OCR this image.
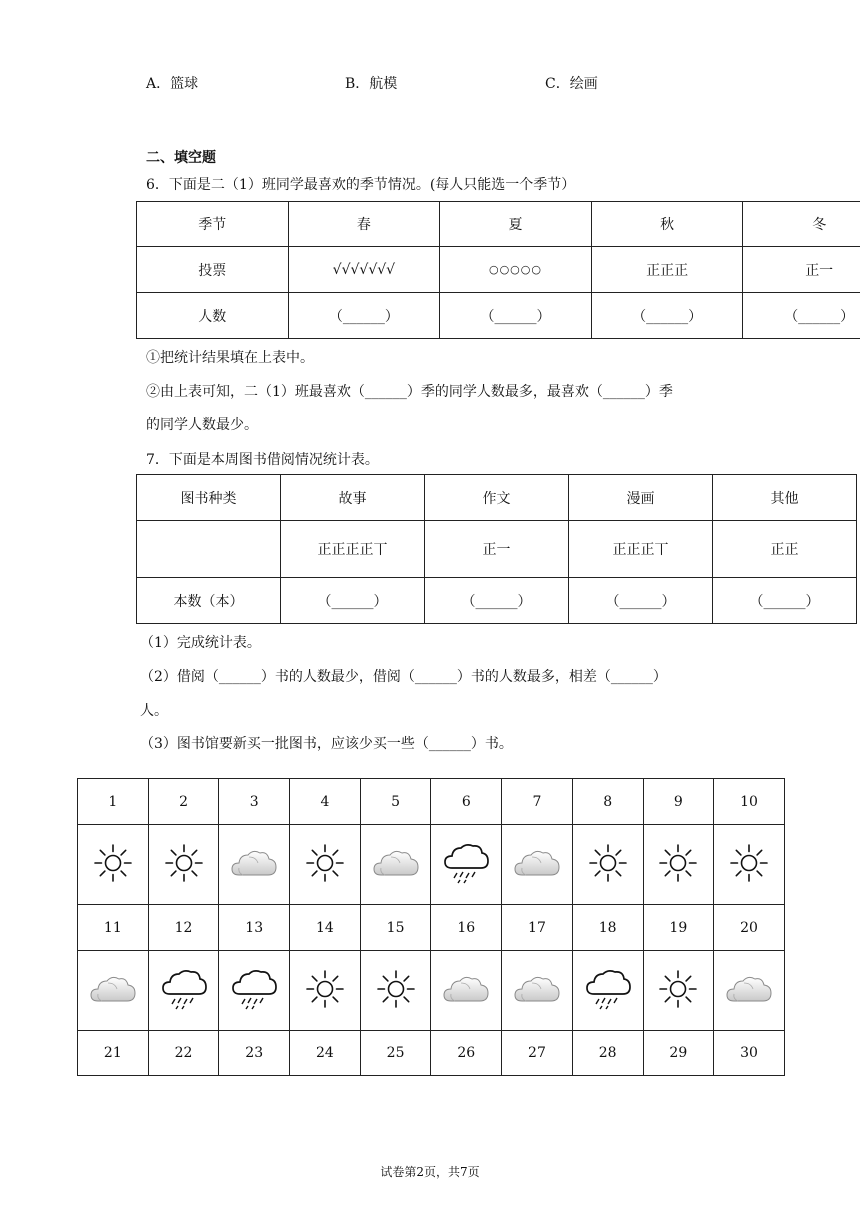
A．篮球	B．航模	C．绘画
二、填空题
6．下面是二（1）班同学最喜欢的季节情况。(每人只能选一个季节）
季节	春	夏	秋	冬
投票	√√√√√√√	○○○○○	正正正	正一
人数	（______）	（______）	（______）	（______）
①把统计结果填在上表中。
②由上表可知，二（1）班最喜欢（______）季的同学人数最多，最喜欢（______）季
的同学人数最少。
7．下面是本周图书借阅情况统计表。
图书种类	故事	作文	漫画	其他
	正正正正丅	正一	正正正丅	正正
本数（本）	（______）	（______）	（______）	（______）
（1）完成统计表。
（2）借阅（______）书的人数最少，借阅（______）书的人数最多，相差（______）
人。
（3）图书馆要新买一批图书，应该少买一些（______）书。
1	2	3	4	5	6	7	8	9	10

11	12	13	14	15	16	17	18	19	20

21	22	23	24	25	26	27	28	29	30
试卷第2页，共7页
